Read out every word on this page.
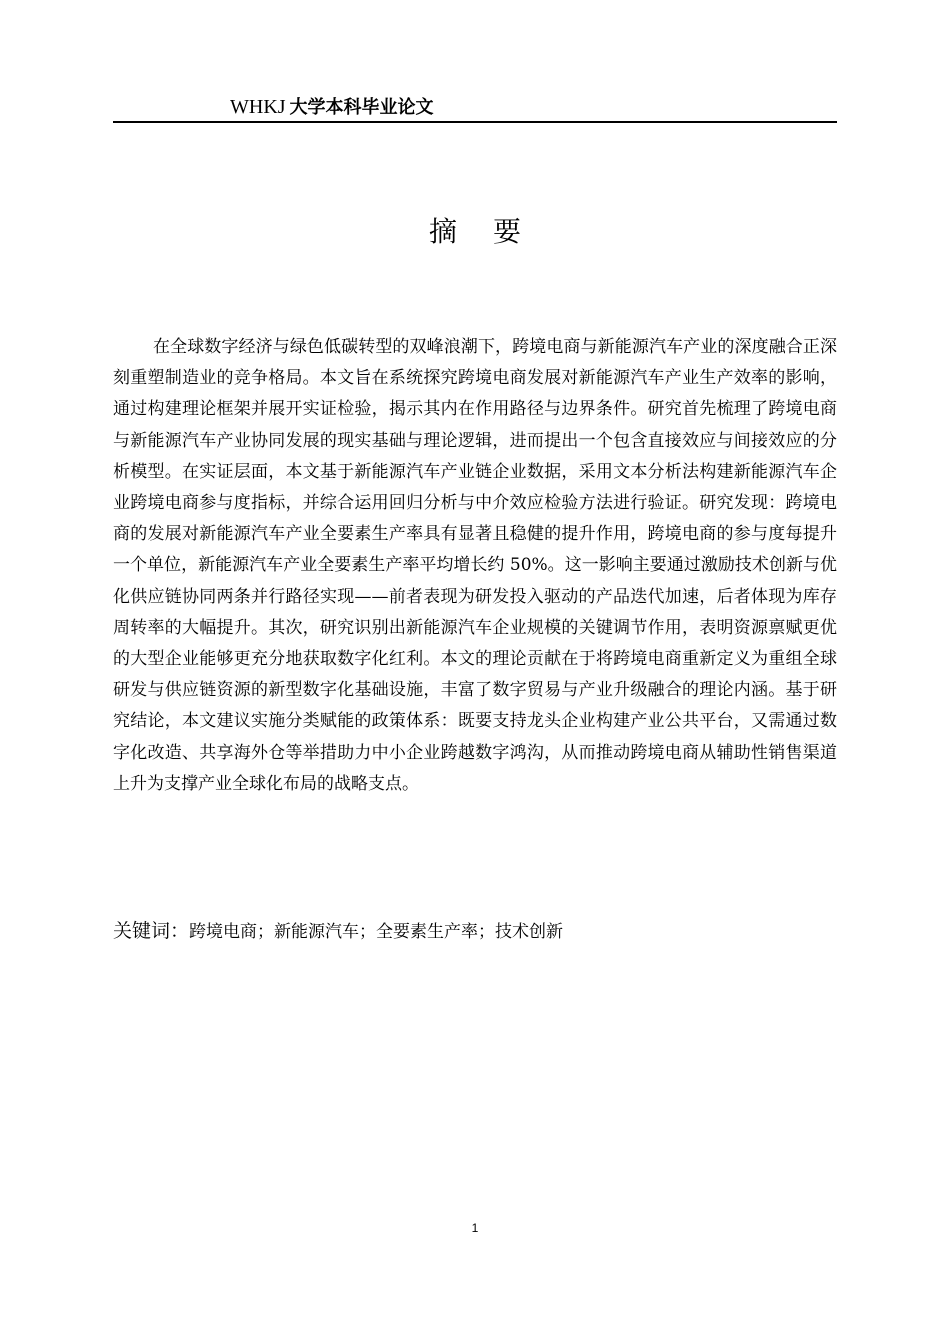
WHKJ 大学本科毕业论文
摘要

在全球数字经济与绿色低碳转型的双峰浪潮下，跨境电商与新能源汽车产业的深度融合正深刻重塑制造业的竞争格局。本文旨在系统探究跨境电商发展对新能源汽车产业生产效率的影响，通过构建理论框架并展开实证检验，揭示其内在作用路径与边界条件。研究首先梳理了跨境电商与新能源汽车产业协同发展的现实基础与理论逻辑，进而提出一个包含直接效应与间接效应的分析模型。在实证层面，本文基于新能源汽车产业链企业数据，采用文本分析法构建新能源汽车企业跨境电商参与度指标，并综合运用回归分析与中介效应检验方法进行验证。研究发现：跨境电商的发展对新能源汽车产业全要素生产率具有显著且稳健的提升作用，跨境电商的参与度每提升一个单位，新能源汽车产业全要素生产率平均增长约 50%。这一影响主要通过激励技术创新与优化供应链协同两条并行路径实现——前者表现为研发投入驱动的产品迭代加速，后者体现为库存周转率的大幅提升。其次，研究识别出新能源汽车企业规模的关键调节作用，表明资源禀赋更优的大型企业能够更充分地获取数字化红利。本文的理论贡献在于将跨境电商重新定义为重组全球研发与供应链资源的新型数字化基础设施，丰富了数字贸易与产业升级融合的理论内涵。基于研究结论，本文建议实施分类赋能的政策体系：既要支持龙头企业构建产业公共平台，又需通过数字化改造、共享海外仓等举措助力中小企业跨越数字鸿沟，从而推动跨境电商从辅助性销售渠道上升为支撑产业全球化布局的战略支点。

关键词：跨境电商；新能源汽车；全要素生产率；技术创新
1
